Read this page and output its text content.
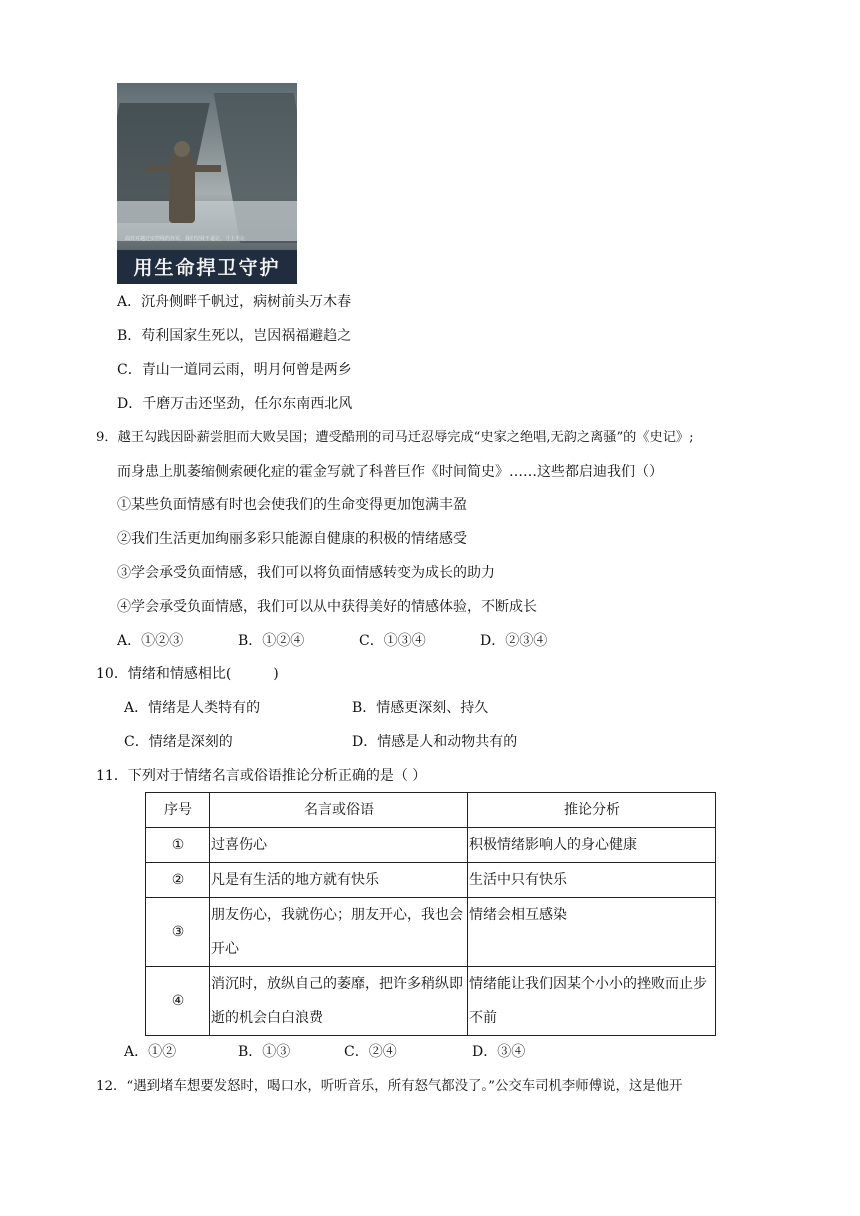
面对对越过实控线的外军，我们坚持不退让，寸土不让
用生命捍卫守护
A．沉舟侧畔千帆过，病树前头万木春
B．苟利国家生死以，岂因祸福避趋之
C．青山一道同云雨，明月何曾是两乡
D．千磨万击还坚劲，任尔东南西北风
9．越王勾践因卧薪尝胆而大败吴国；遭受酷刑的司马迁忍辱完成“史家之绝唱,无韵之离骚”的《史记》;
而身患上肌萎缩侧索硬化症的霍金写就了科普巨作《时间简史》……这些都启迪我们（）
①某些负面情感有时也会使我们的生命变得更加饱满丰盈
②我们生活更加绚丽多彩只能源自健康的积极的情绪感受
③学会承受负面情感，我们可以将负面情感转变为成长的助力
④学会承受负面情感，我们可以从中获得美好的情感体验，不断成长
A．①②③	B．①②④	C．①③④	D．②③④
10．情绪和情感相比(　　　)
A．情绪是人类特有的	B．情感更深刻、持久
C．情绪是深刻的	D．情感是人和动物共有的
11．下列对于情绪名言或俗语推论分析正确的是（ ）
序号	名言或俗语	推论分析
①	过喜伤心	积极情绪影响人的身心健康
②	凡是有生活的地方就有快乐	生活中只有快乐
③	朋友伤心，我就伤心；朋友开心，我也会开心	情绪会相互感染
④	消沉时，放纵自己的萎靡，把许多稍纵即逝的机会白白浪费	情绪能让我们因某个小小的挫败而止步不前
A．①②	B．①③	C．②④	D．③④
12．“遇到堵车想要发怒时，喝口水，听听音乐，所有怒气都没了。”公交车司机李师傅说，这是他开
